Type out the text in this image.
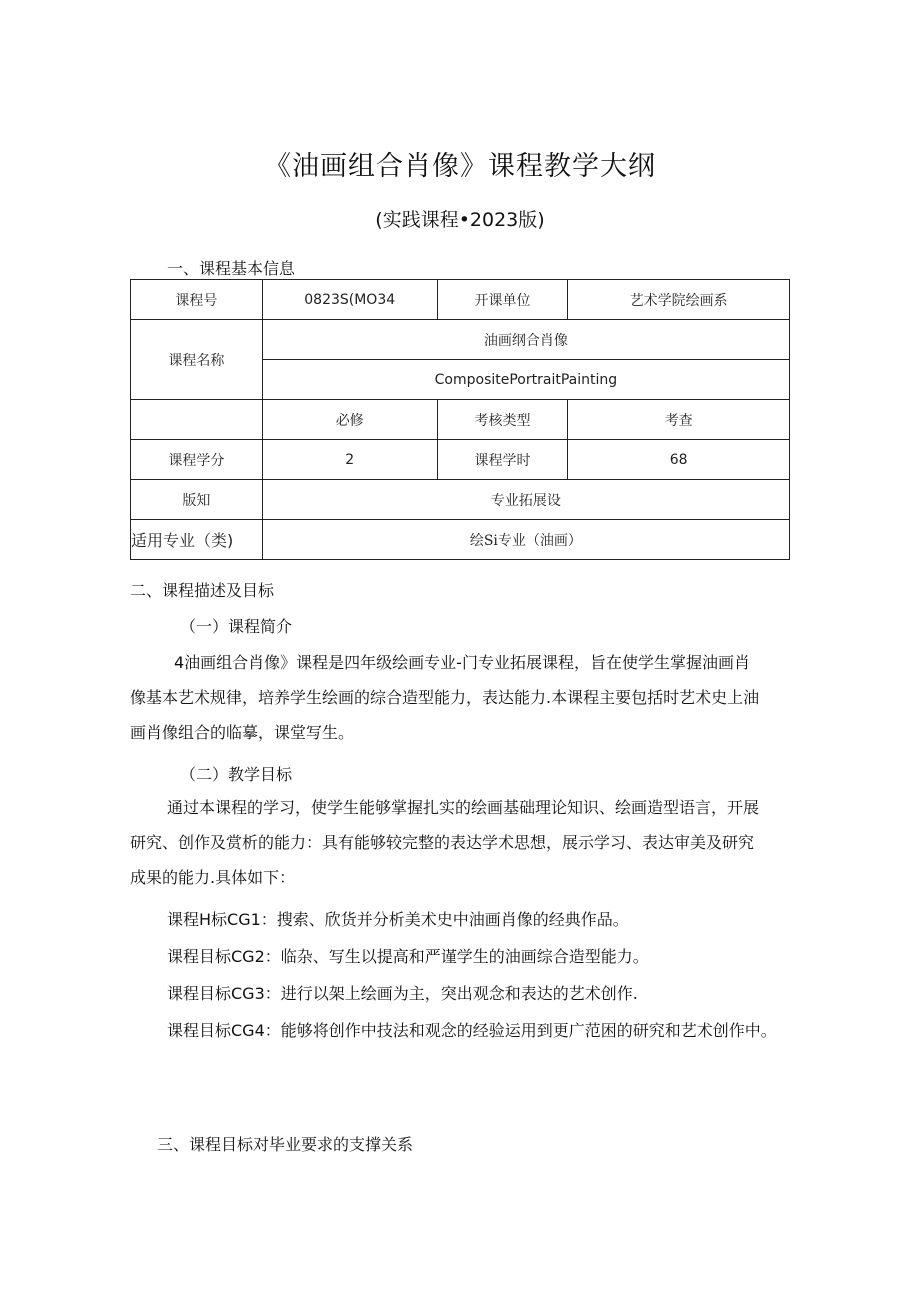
《油画组合肖像》课程教学大纲
(实践课程•2023版)
一、课程基本信息
课程号	0823S(MO34	开课单位	艺术学院绘画系
课程名称	油画纲合肖像		
	CompositePortraitPainting		
	必修	考核类型	考查
课程学分	2	课程学时	68
版知	专业拓展设		
适用专业（类)	绘Si专业（油画）		
二、课程描述及目标
（一）课程简介
4油画组合肖像》课程是四年级绘画专业-门专业拓展课程，旨在使学生掌握油画肖
像基本艺术规律，培养学生绘画的综合造型能力，表达能力.本课程主要包括时艺术史上油
画肖像组合的临摹，课堂写生。
（二）教学目标
通过本课程的学习，使学生能够掌握扎实的绘画基础理论知识、绘画造型语言，开展
研究、创作及赏析的能力：具有能够较完整的表达学术思想，展示学习、表达审美及研究
成果的能力.具体如下：
课程H标CG1：搜索、欣货并分析美术史中油画肖像的经典作品。
课程目标CG2：临杂、写生以提高和严谨学生的油画综合造型能力。
课程目标CG3：进行以架上绘画为主，突出观念和表达的艺术创作.
课程目标CG4：能够将创作中技法和观念的经验运用到更广范困的研究和艺术创作中。
三、课程目标对毕业要求的支撑关系
